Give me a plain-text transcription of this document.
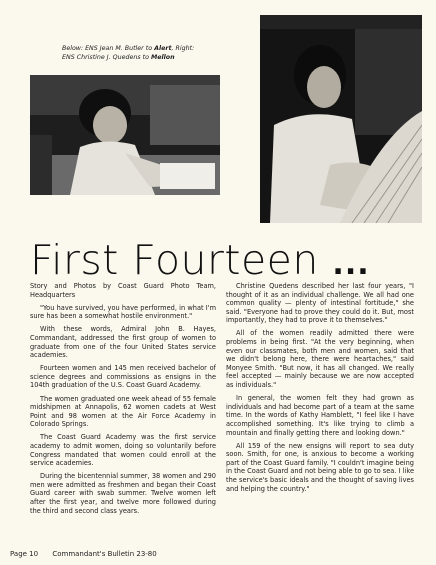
Below: ENS Jean M. Butler to Alert, Right:
ENS Christine J. Quedens to Mellon
First Fourteen ...

Story and Photos by Coast Guard Photo Team, Headquarters

"You have survived, you have performed, in what I'm sure has been a somewhat hostile environment."

With these words, Admiral John B. Hayes, Commandant, addressed the first group of women to graduate from one of the four United States service academies.

Fourteen women and 145 men received bachelor of science degrees and commissions as ensigns in the 104th graduation of the U.S. Coast Guard Academy.

The women graduated one week ahead of 55 female midshipmen at Annapolis, 62 women cadets at West Point and 98 women at the Air Force Academy in Colorado Springs.

The Coast Guard Academy was the first service academy to admit women, doing so voluntarily before Congress mandated that women could enroll at the service academies.

During the bicentennial summer, 38 women and 290 men were admitted as freshmen and began their Coast Guard career with swab summer. Twelve women left after the first year, and twelve more followed during the third and second class years.

Christine Quedens described her last four years, "I thought of it as an individual challenge. We all had one common quality — plenty of intestinal fortitude," she said. "Everyone had to prove they could do it. But, most importantly, they had to prove it to themselves."

All of the women readily admitted there were problems in being first. "At the very beginning, when even our classmates, both men and women, said that we didn't belong here, there were heartaches," said Monyee Smith. "But now, it has all changed. We really feel accepted — mainly because we are now accepted as individuals."

In general, the women felt they had grown as individuals and had become part of a team at the same time. In the words of Kathy Hamblett, "I feel like I have accomplished something. It's like trying to climb a mountain and finally getting there and looking down."

All 159 of the new ensigns will report to sea duty soon. Smith, for one, is anxious to become a working part of the Coast Guard family. "I couldn't imagine being in the Coast Guard and not being able to go to sea. I like the service's basic ideals and the thought of saving lives and helping the country."

Page 10 Commandant's Bulletin 23-80
